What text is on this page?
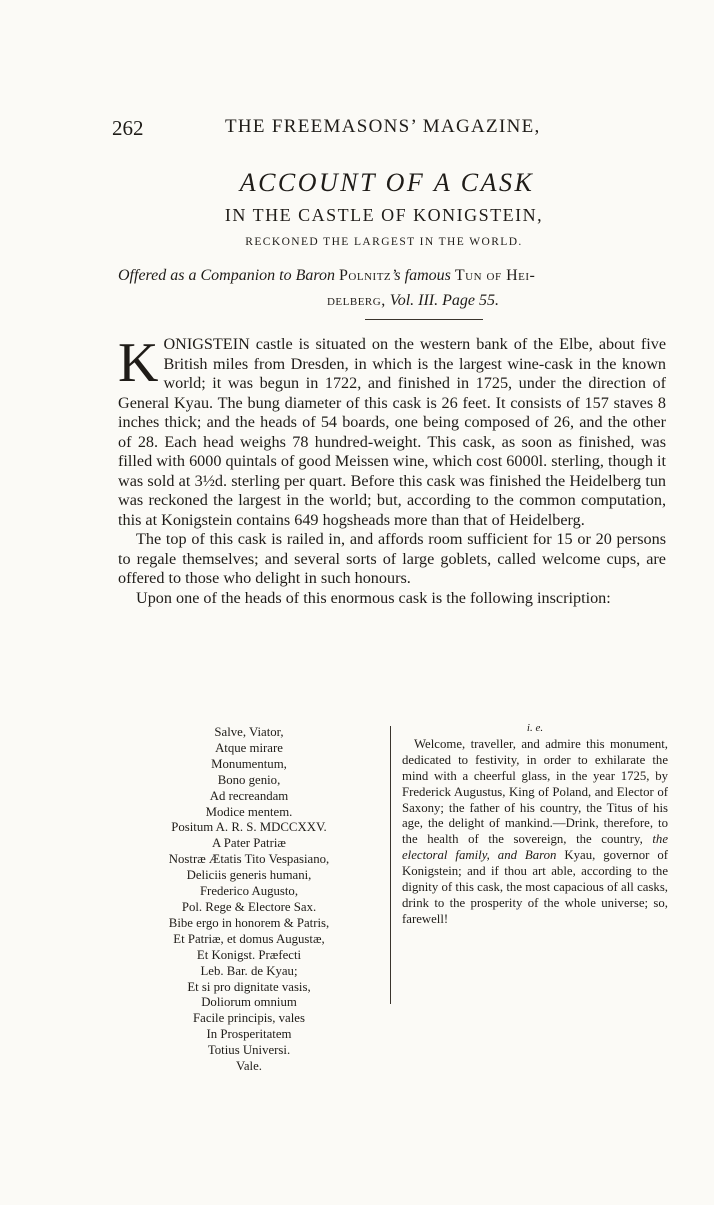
262	THE FREEMASONS’ MAGAZINE,
ACCOUNT OF A CASK
IN THE CASTLE OF KONIGSTEIN,
RECKONED THE LARGEST IN THE WORLD.
Offered as a Companion to Baron Polnitz’s famous Tun of Hei-
delberg, Vol. III. Page 55.

KONIGSTEIN castle is situated on the western bank of the Elbe, about five British miles from Dresden, in which is the largest wine-cask in the known world; it was begun in 1722, and finished in 1725, under the direction of General Kyau. The bung diameter of this cask is 26 feet. It consists of 157 staves 8 inches thick; and the heads of 54 boards, one being composed of 26, and the other of 28. Each head weighs 78 hundred-weight. This cask, as soon as finished, was filled with 6000 quintals of good Meissen wine, which cost 6000l. sterling, though it was sold at 3½d. sterling per quart. Before this cask was finished the Heidelberg tun was reckoned the largest in the world; but, according to the common computation, this at Konigstein contains 649 hogsheads more than that of Heidelberg.

The top of this cask is railed in, and affords room sufficient for 15 or 20 persons to regale themselves; and several sorts of large goblets, called welcome cups, are offered to those who delight in such honours.

Upon one of the heads of this enormous cask is the following inscription:

Salve, Viator,
Atque mirare
Monumentum,
Bono genio,
Ad recreandam
Modice mentem.
Positum A. R. S. MDCCXXV.
A Pater Patriæ
Nostræ Ætatis Tito Vespasiano,
Deliciis generis humani,
Frederico Augusto,
Pol. Rege & Electore Sax.
Bibe ergo in honorem & Patris,
Et Patriæ, et domus Augustæ,
Et Konigst. Præfecti
Leb. Bar. de Kyau;
Et si pro dignitate vasis,
Doliorum omnium
Facile principis, vales
In Prosperitatem
Totius Universi.
Vale.
i. e.
Welcome, traveller, and admire this monument, dedicated to festivity, in order to exhilarate the mind with a cheerful glass, in the year 1725, by Frederick Augustus, King of Poland, and Elector of Saxony; the father of his country, the Titus of his age, the delight of mankind.—Drink, therefore, to the health of the sovereign, the country, the electoral family, and Baron Kyau, governor of Konigstein; and if thou art able, according to the dignity of this cask, the most capacious of all casks, drink to the prosperity of the whole universe; so, farewell!
